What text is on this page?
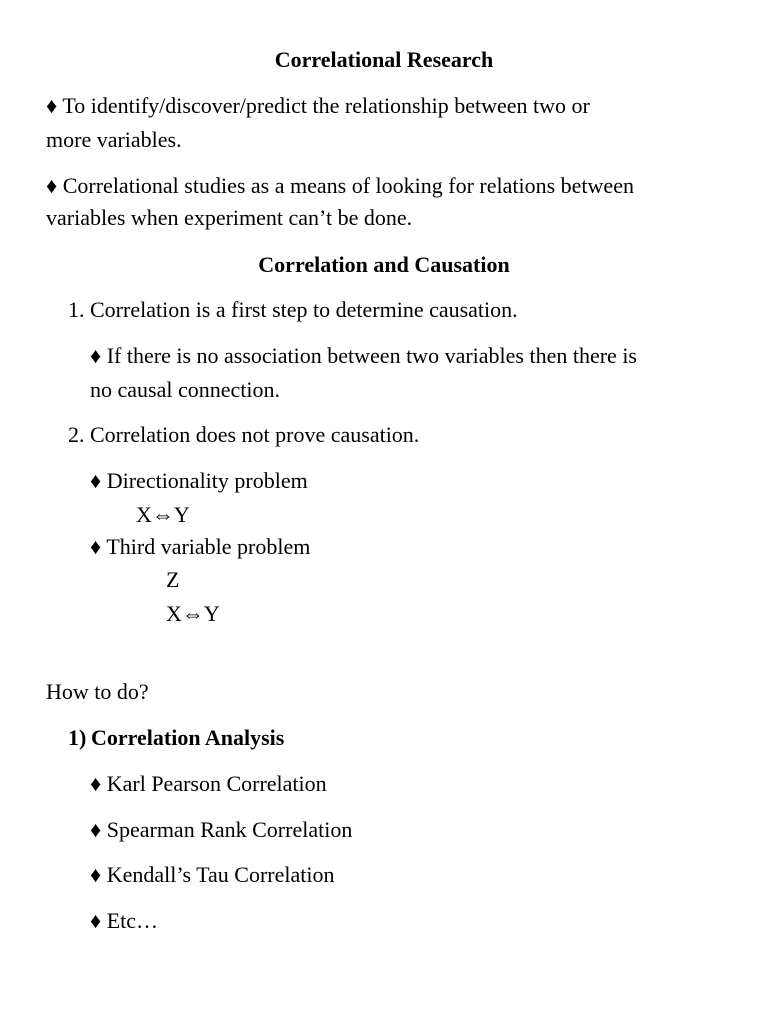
Correlational Research
♦ To identify/discover/predict the relationship between two or
more variables.
♦ Correlational studies as a means of looking for relations between
variables when experiment can’t be done.
Correlation and Causation
1. Correlation is a first step to determine causation.
♦ If there is no association between two variables then there is
no causal connection.
2. Correlation does not prove causation.
♦ Directionality problem
X⇔Y
♦ Third variable problem
Z
X⇔Y
How to do?
1) Correlation Analysis
♦ Karl Pearson Correlation
♦ Spearman Rank Correlation
♦ Kendall’s Tau Correlation
♦ Etc…
